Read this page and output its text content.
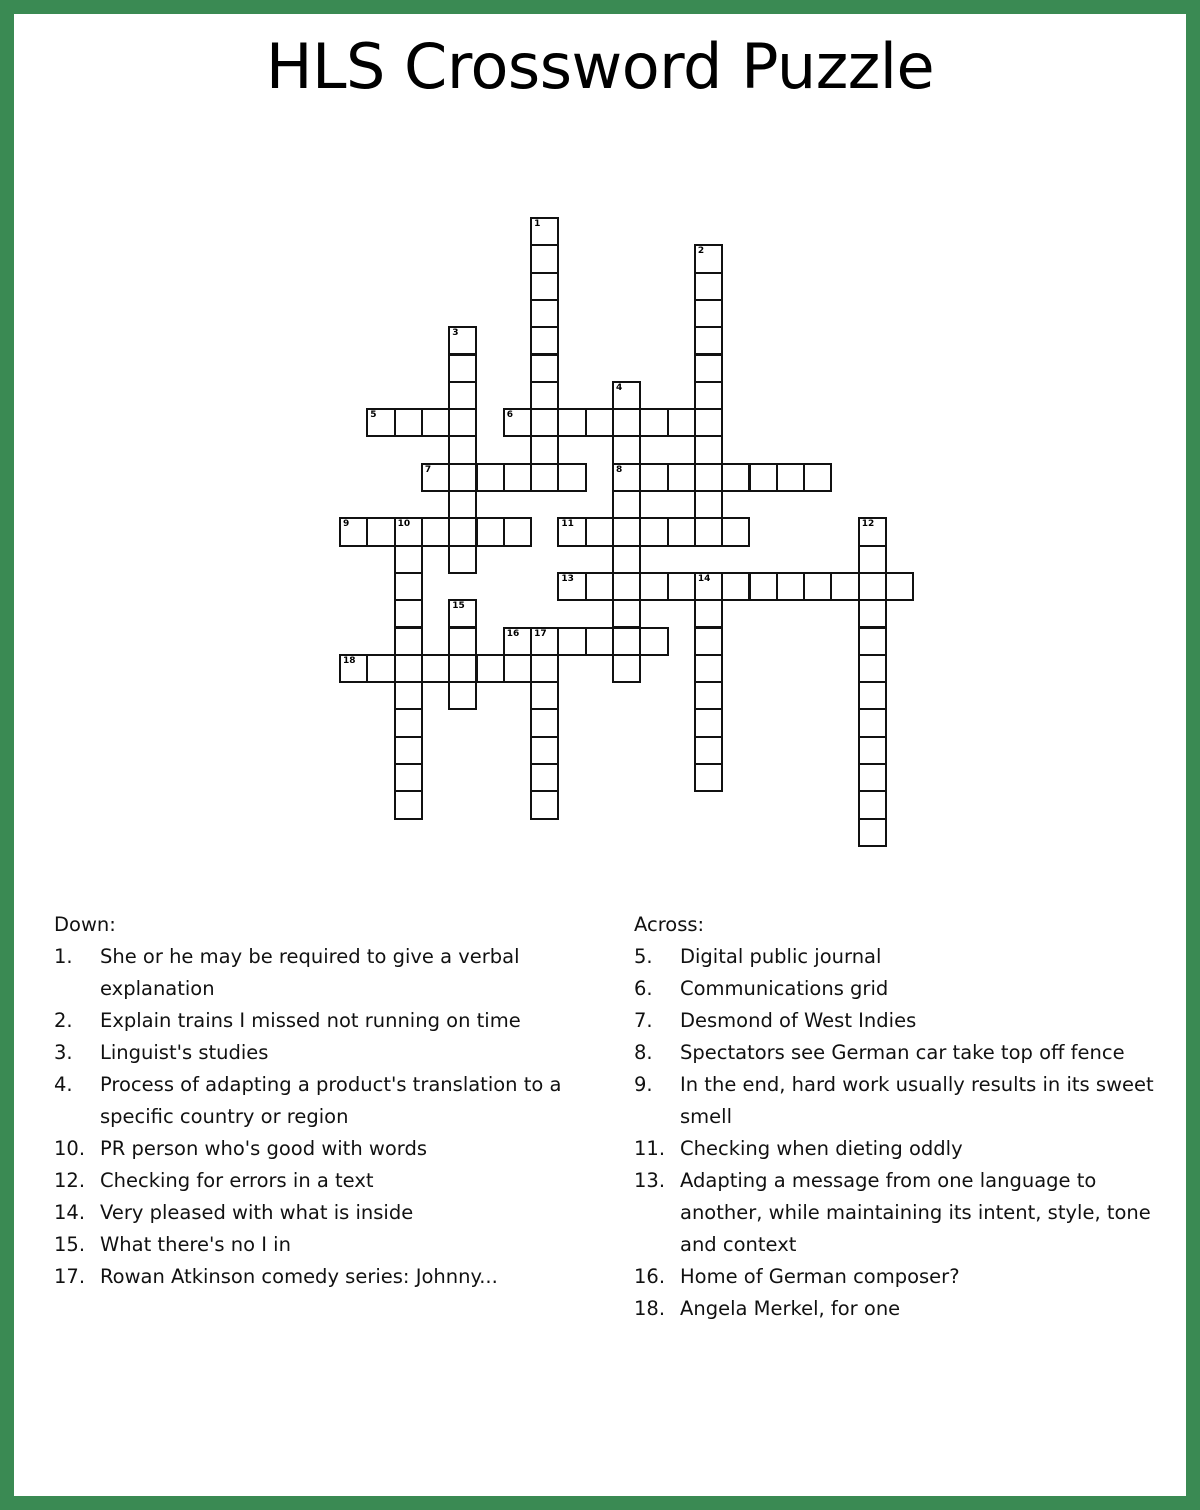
HLS Crossword Puzzle
1
2
3
4
8
5	6
7
9	10	11	12
13	14
15
16 17
18
Down:
1.	She or he may be required to give a verbal explanation
2.	Explain trains I missed not running on time
3.	Linguist's studies
4.	Process of adapting a product's translation to a specific country or region
10. PR person who's good with words
12. Checking for errors in a text
14. Very pleased with what is inside
15. What there's no I in
17. Rowan Atkinson comedy series: Johnny...
Across:
5.	Digital public journal
6.	Communications grid
7.	Desmond of West Indies
8.	Spectators see German car take top off fence
9.	In the end, hard work usually results in its sweet smell
11. Checking when dieting oddly
13. Adapting a message from one language to another, while maintaining its intent, style, tone and context
16. Home of German composer?
18. Angela Merkel, for one
